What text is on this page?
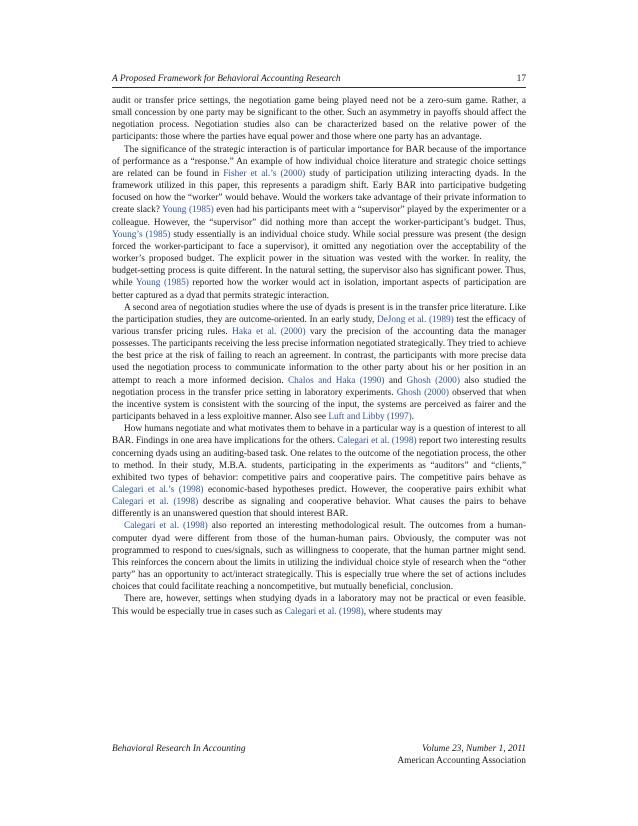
A Proposed Framework for Behavioral Accounting Research	17

audit or transfer price settings, the negotiation game being played need not be a zero-sum game. Rather, a small concession by one party may be significant to the other. Such an asymmetry in payoffs should affect the negotiation process. Negotiation studies also can be characterized based on the relative power of the participants: those where the parties have equal power and those where one party has an advantage.

The significance of the strategic interaction is of particular importance for BAR because of the importance of performance as a “response.” An example of how individual choice literature and strategic choice settings are related can be found in Fisher et al.’s (2000) study of participation utilizing interacting dyads. In the framework utilized in this paper, this represents a paradigm shift. Early BAR into participative budgeting focused on how the “worker” would behave. Would the workers take advantage of their private information to create slack? Young (1985) even had his participants meet with a “supervisor” played by the experimenter or a colleague. However, the “supervisor” did nothing more than accept the worker-participant’s budget. Thus, Young’s (1985) study essentially is an individual choice study. While social pressure was present (the design forced the worker-participant to face a supervisor), it omitted any negotiation over the acceptability of the worker’s proposed budget. The explicit power in the situation was vested with the worker. In reality, the budget-setting process is quite different. In the natural setting, the supervisor also has significant power. Thus, while Young (1985) reported how the worker would act in isolation, important aspects of participation are better captured as a dyad that permits strategic interaction.

A second area of negotiation studies where the use of dyads is present is in the transfer price literature. Like the participation studies, they are outcome-oriented. In an early study, DeJong et al. (1989) test the efficacy of various transfer pricing rules. Haka et al. (2000) vary the precision of the accounting data the manager possesses. The participants receiving the less precise information negotiated strategically. They tried to achieve the best price at the risk of failing to reach an agreement. In contrast, the participants with more precise data used the negotiation process to communicate information to the other party about his or her position in an attempt to reach a more informed decision. Chalos and Haka (1990) and Ghosh (2000) also studied the negotiation process in the transfer price setting in laboratory experiments. Ghosh (2000) observed that when the incentive system is consistent with the sourcing of the input, the systems are perceived as fairer and the participants behaved in a less exploitive manner. Also see Luft and Libby (1997).

How humans negotiate and what motivates them to behave in a particular way is a question of interest to all BAR. Findings in one area have implications for the others. Calegari et al. (1998) report two interesting results concerning dyads using an auditing-based task. One relates to the outcome of the negotiation process, the other to method. In their study, M.B.A. students, participating in the experiments as “auditors” and “clients,” exhibited two types of behavior: competitive pairs and cooperative pairs. The competitive pairs behave as Calegari et al.’s (1998) economic-based hypotheses predict. However, the cooperative pairs exhibit what Calegari et al. (1998) describe as signaling and cooperative behavior. What causes the pairs to behave differently is an unanswered question that should interest BAR.

Calegari et al. (1998) also reported an interesting methodological result. The outcomes from a human-computer dyad were different from those of the human-human pairs. Obviously, the computer was not programmed to respond to cues/signals, such as willingness to cooperate, that the human partner might send. This reinforces the concern about the limits in utilizing the individual choice style of research when the “other party” has an opportunity to act/interact strategically. This is especially true where the set of actions includes choices that could facilitate reaching a noncompetitive, but mutually beneficial, conclusion.

There are, however, settings when studying dyads in a laboratory may not be practical or even feasible. This would be especially true in cases such as Calegari et al. (1998), where students may

Behavioral Research In Accounting	Volume 23, Number 1, 2011
American Accounting Association
